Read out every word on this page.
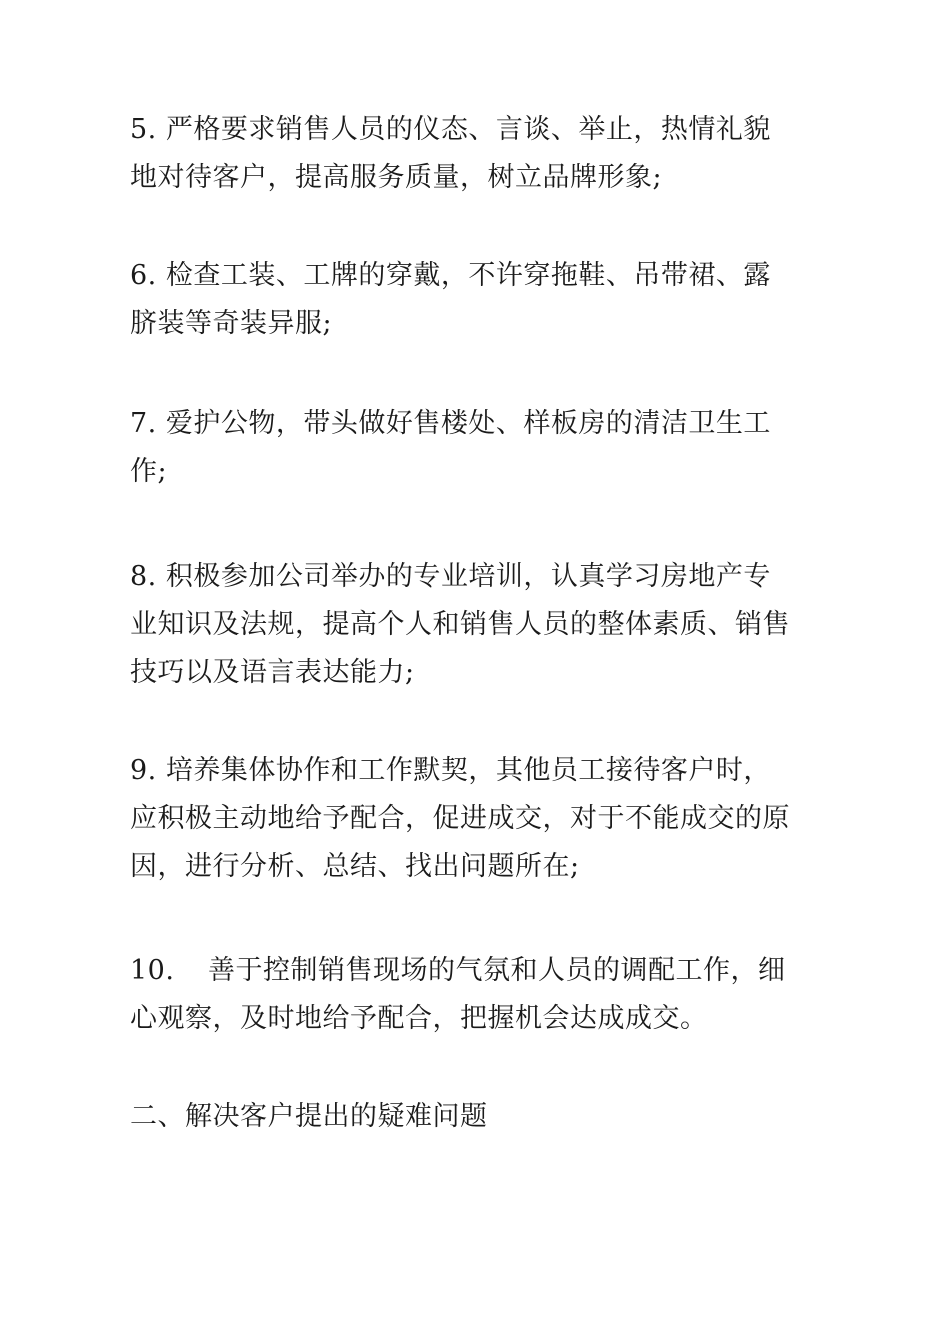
5. 严格要求销售人员的仪态、言谈、举止，热情礼貌
地对待客户，提高服务质量，树立品牌形象;

6. 检查工装、工牌的穿戴，不许穿拖鞋、吊带裙、露
脐装等奇装异服;

7. 爱护公物，带头做好售楼处、样板房的清洁卫生工
作;

8. 积极参加公司举办的专业培训，认真学习房地产专
业知识及法规，提高个人和销售人员的整体素质、销售
技巧以及语言表达能力;

9. 培养集体协作和工作默契，其他员工接待客户时，
应积极主动地给予配合，促进成交，对于不能成交的原
因，进行分析、总结、找出问题所在;

10. 善于控制销售现场的气氛和人员的调配工作，细
心观察，及时地给予配合，把握机会达成成交。

二、解决客户提出的疑难问题
